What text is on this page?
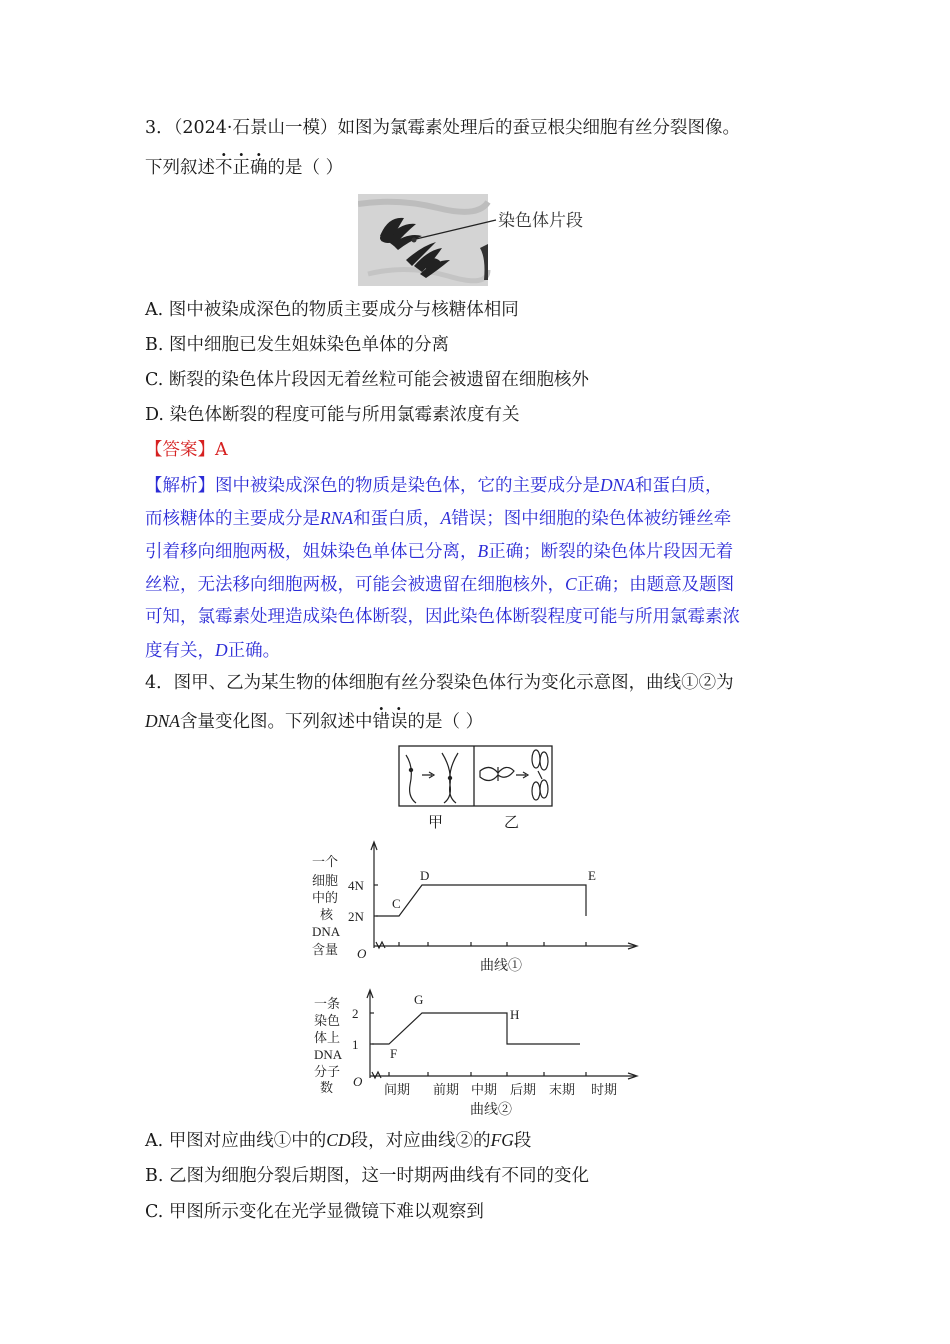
3．（2024·石景山一模）如图为氯霉素处理后的蚕豆根尖细胞有丝分裂图像。
下列叙述不正确的是（ ）
染色体片段
A. 图中被染成深色的物质主要成分与核糖体相同
B. 图中细胞已发生姐妹染色单体的分离
C. 断裂的染色体片段因无着丝粒可能会被遗留在细胞核外
D. 染色体断裂的程度可能与所用氯霉素浓度有关
【答案】A
【解析】图中被染成深色的物质是染色体，它的主要成分是DNA和蛋白质，
而核糖体的主要成分是RNA和蛋白质，A错误；图中细胞的染色体被纺锤丝牵
引着移向细胞两极，姐妹染色单体已分离，B正确；断裂的染色体片段因无着
丝粒，无法移向细胞两极，可能会被遗留在细胞核外，C正确；由题意及题图
可知，氯霉素处理造成染色体断裂，因此染色体断裂程度可能与所用氯霉素浓
度有关，D正确。
4．图甲、乙为某生物的体细胞有丝分裂染色体行为变化示意图，曲线①②为
DNA含量变化图。下列叙述中错误的是（ ）
甲	乙
一个
细胞
中的
核
DNA
含量
4N
2N
O
C
D	E
曲线①
一条
染色
体上
DNA
分子
数
2
1
O
F
G
H
间期 前期 中期 后期 末期 时期
曲线②
A. 甲图对应曲线①中的CD段，对应曲线②的FG段
B. 乙图为细胞分裂后期图，这一时期两曲线有不同的变化
C. 甲图所示变化在光学显微镜下难以观察到
